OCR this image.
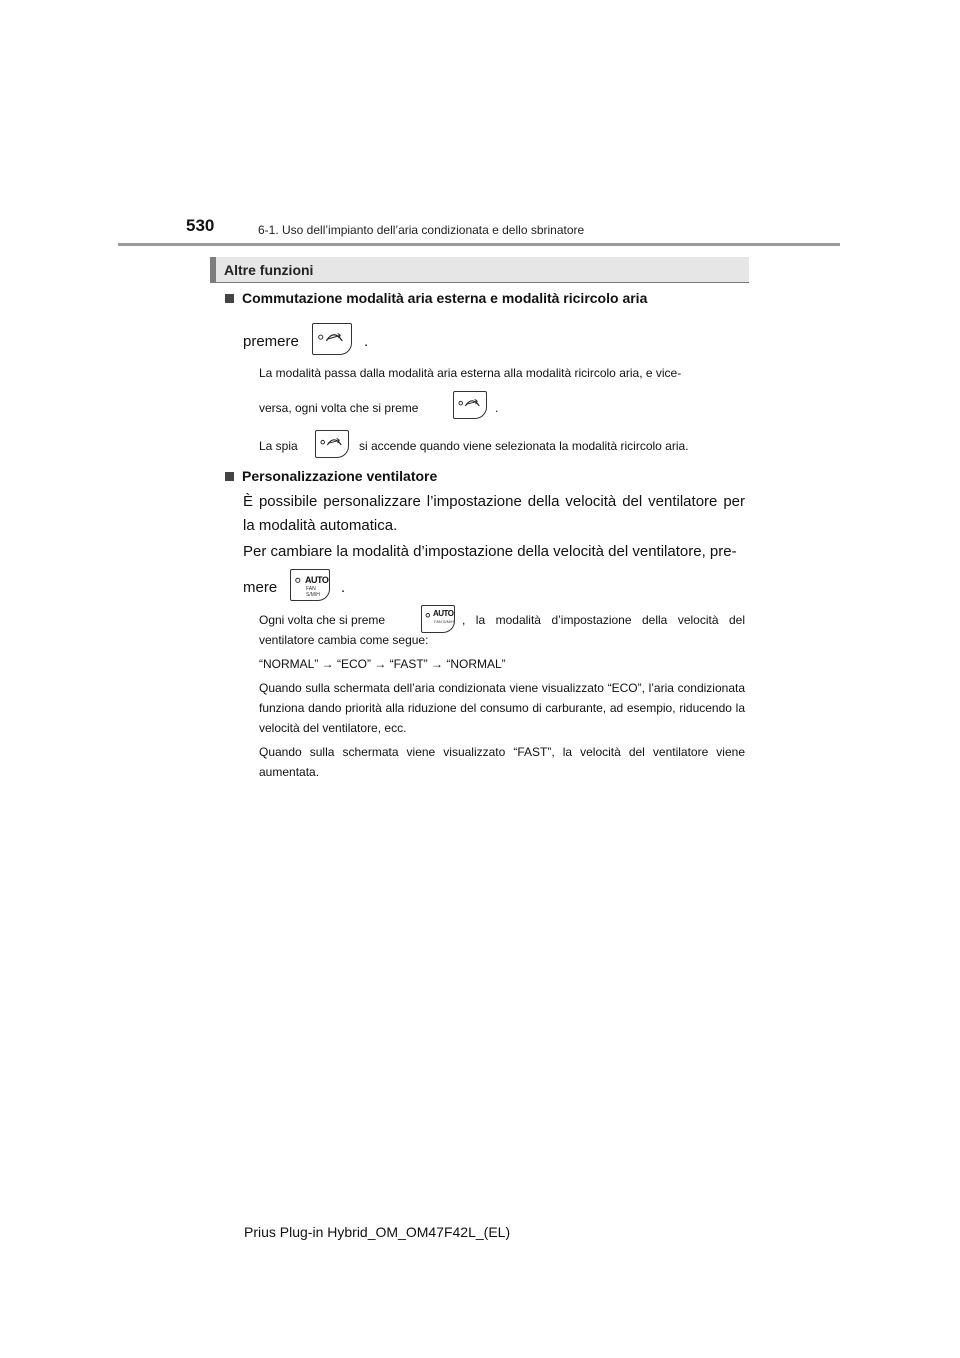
530	6-1. Uso dell’impianto dell’aria condizionata e dello sbrinatore
Altre funzioni
Commutazione modalità aria esterna e modalità ricircolo aria
premere	.
La modalità passa dalla modalità aria esterna alla modalità ricircolo aria, e vice-
versa, ogni volta che si preme	.
La spia	si accende quando viene selezionata la modalità ricircolo aria.
Personalizzazione ventilatore
È possibile personalizzare l’impostazione della velocità del ventilatore per la modalità automatica.
Per cambiare la modalità d’impostazione della velocità del ventilatore, pre-
mere	AUTO
FAN S/M/H	.
Ogni volta che si preme	AUTO
FAN S/M/H , la modalità d’impostazione della velocità del
ventilatore cambia come segue:
“NORMAL” → “ECO” → “FAST” → “NORMAL”
Quando sulla schermata dell’aria condizionata viene visualizzato “ECO”, l’aria condizionata funziona dando priorità alla riduzione del consumo di carburante, ad esempio, riducendo la velocità del ventilatore, ecc.
Quando sulla schermata viene visualizzato “FAST”, la velocità del ventilatore viene aumentata.
Prius Plug-in Hybrid_OM_OM47F42L_(EL)
